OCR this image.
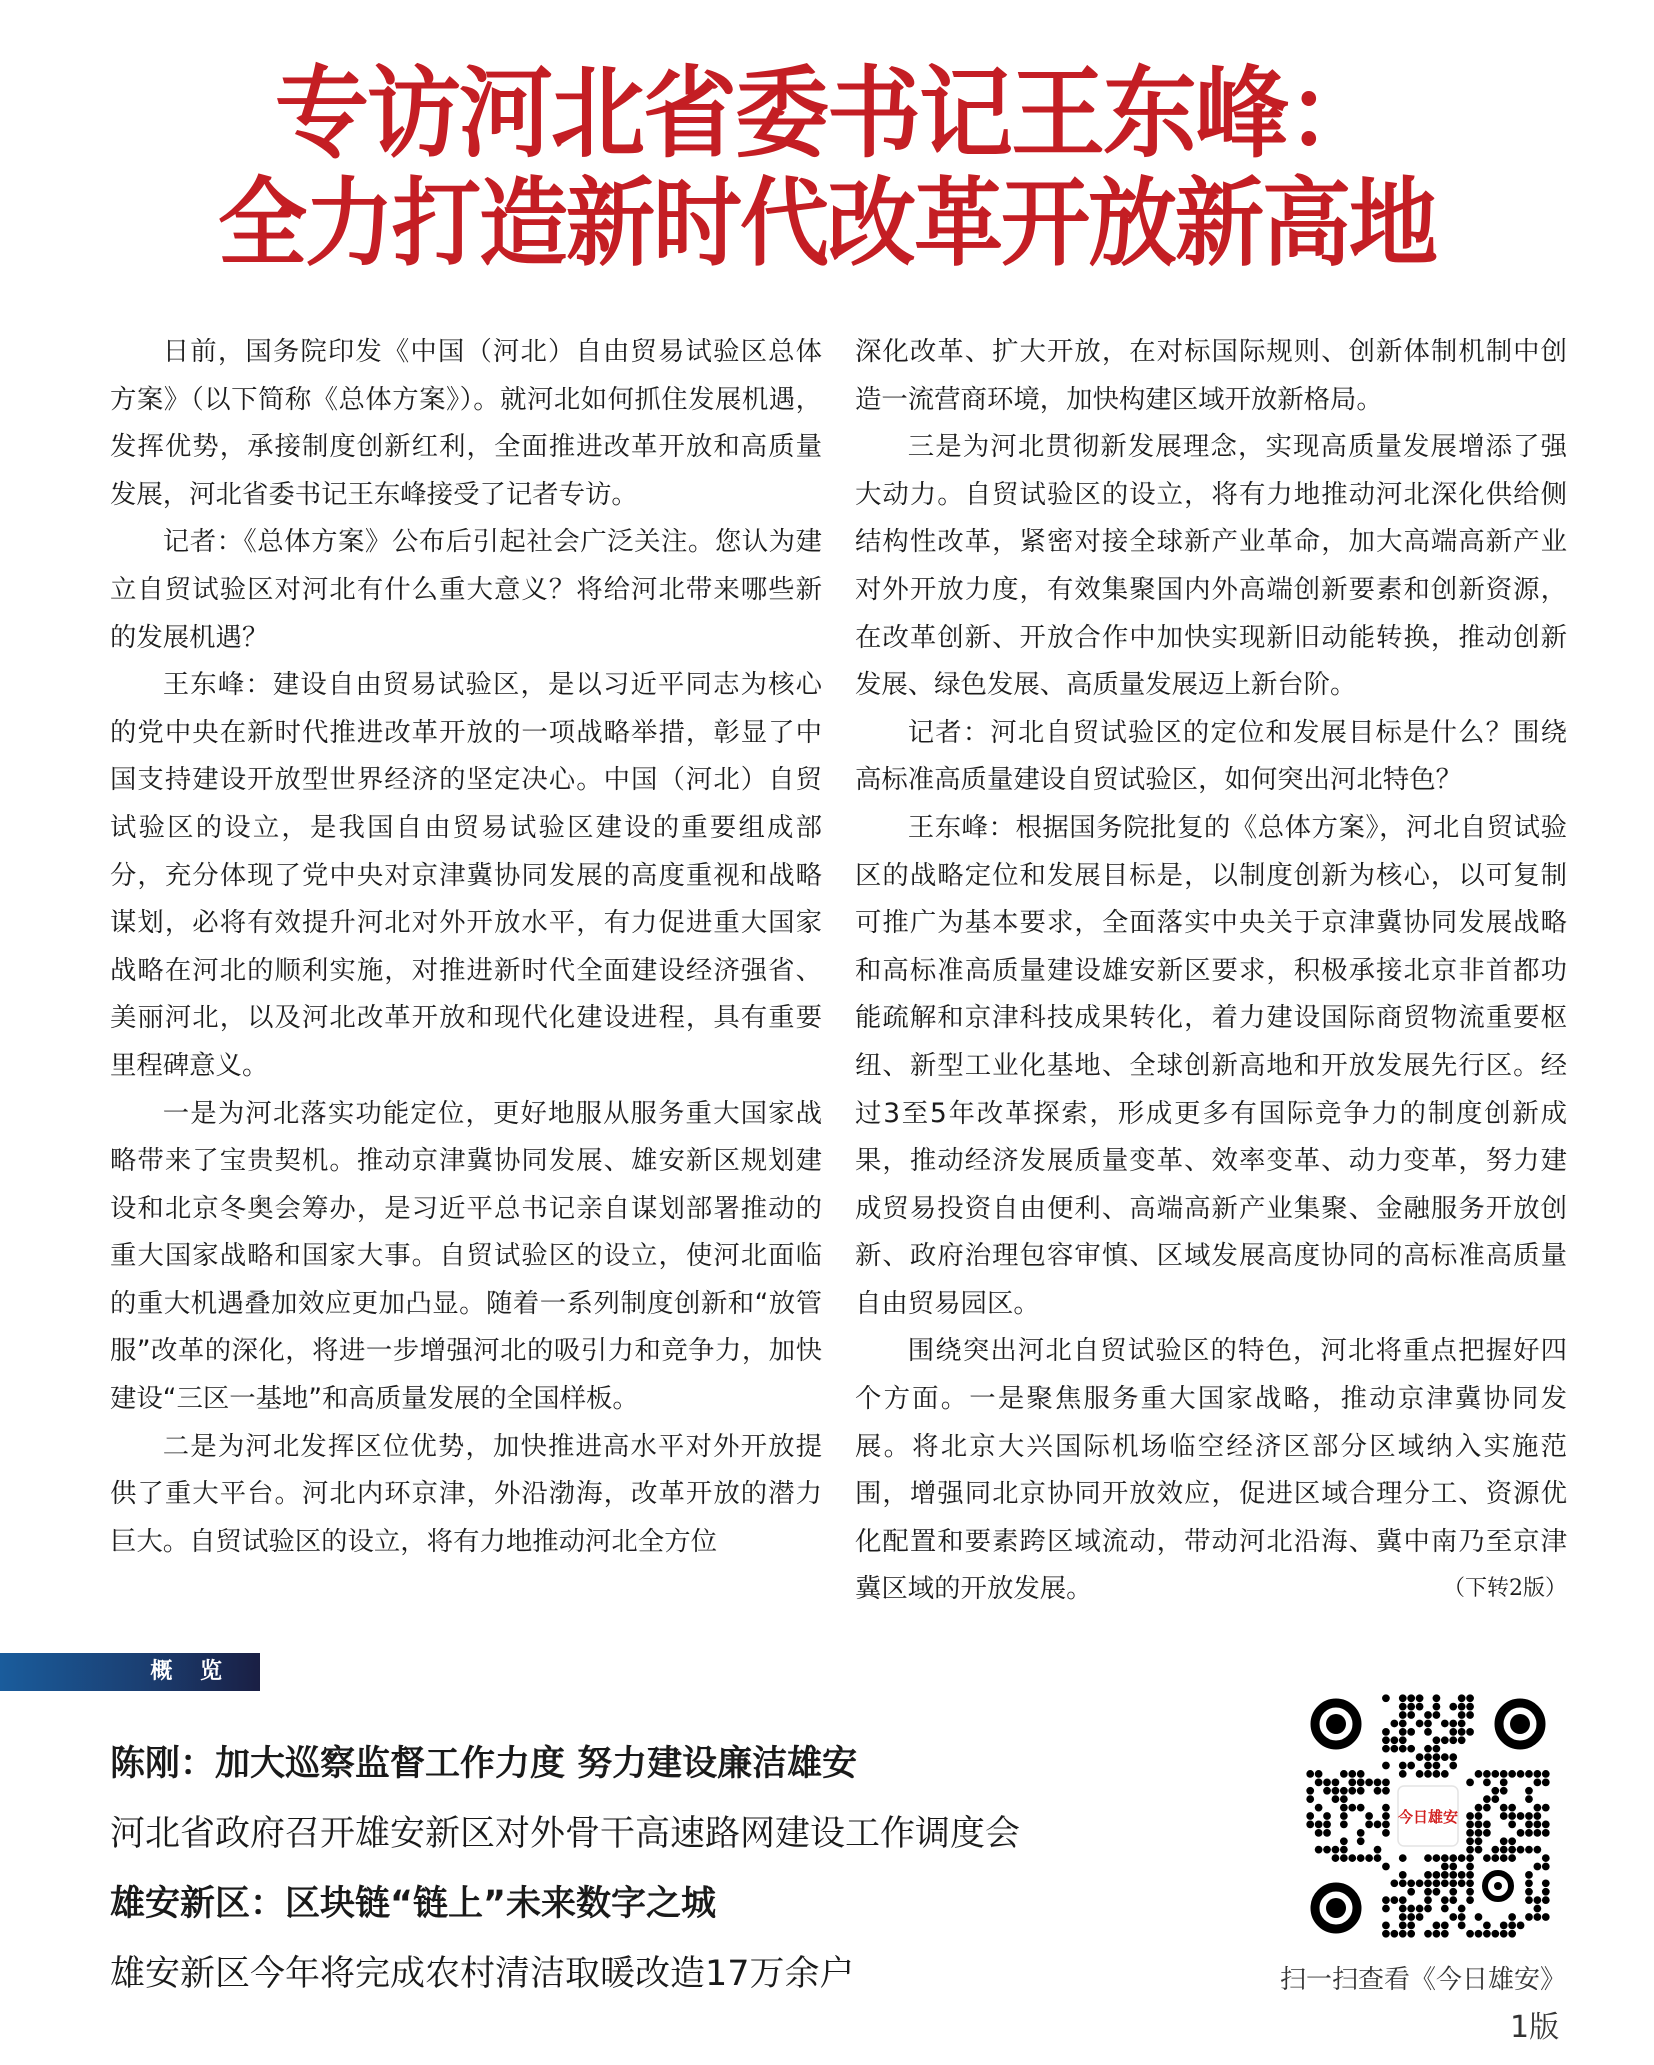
专访河北省委书记王东峰：
全力打造新时代改革开放新高地

日前，国务院印发《中国（河北）自由贸易试验区总体方案》（以下简称《总体方案》）。就河北如何抓住发展机遇，发挥优势，承接制度创新红利，全面推进改革开放和高质量发展，河北省委书记王东峰接受了记者专访。

记者：《总体方案》公布后引起社会广泛关注。您认为建立自贸试验区对河北有什么重大意义？将给河北带来哪些新的发展机遇？

王东峰：建设自由贸易试验区，是以习近平同志为核心的党中央在新时代推进改革开放的一项战略举措，彰显了中国支持建设开放型世界经济的坚定决心。中国（河北）自贸试验区的设立，是我国自由贸易试验区建设的重要组成部分，充分体现了党中央对京津冀协同发展的高度重视和战略谋划，必将有效提升河北对外开放水平，有力促进重大国家战略在河北的顺利实施，对推进新时代全面建设经济强省、美丽河北，以及河北改革开放和现代化建设进程，具有重要里程碑意义。

一是为河北落实功能定位，更好地服从服务重大国家战略带来了宝贵契机。推动京津冀协同发展、雄安新区规划建设和北京冬奥会筹办，是习近平总书记亲自谋划部署推动的重大国家战略和国家大事。自贸试验区的设立，使河北面临的重大机遇叠加效应更加凸显。随着一系列制度创新和“放管服”改革的深化，将进一步增强河北的吸引力和竞争力，加快建设“三区一基地”和高质量发展的全国样板。

二是为河北发挥区位优势，加快推进高水平对外开放提供了重大平台。河北内环京津，外沿渤海，改革开放的潜力巨大。自贸试验区的设立，将有力地推动河北全方位

深化改革、扩大开放，在对标国际规则、创新体制机制中创造一流营商环境，加快构建区域开放新格局。

三是为河北贯彻新发展理念，实现高质量发展增添了强大动力。自贸试验区的设立，将有力地推动河北深化供给侧结构性改革，紧密对接全球新产业革命，加大高端高新产业对外开放力度，有效集聚国内外高端创新要素和创新资源，在改革创新、开放合作中加快实现新旧动能转换，推动创新发展、绿色发展、高质量发展迈上新台阶。

记者：河北自贸试验区的定位和发展目标是什么？围绕高标准高质量建设自贸试验区，如何突出河北特色？

王东峰：根据国务院批复的《总体方案》，河北自贸试验区的战略定位和发展目标是，以制度创新为核心，以可复制可推广为基本要求，全面落实中央关于京津冀协同发展战略和高标准高质量建设雄安新区要求，积极承接北京非首都功能疏解和京津科技成果转化，着力建设国际商贸物流重要枢纽、新型工业化基地、全球创新高地和开放发展先行区。经过3至5年改革探索，形成更多有国际竞争力的制度创新成果，推动经济发展质量变革、效率变革、动力变革，努力建成贸易投资自由便利、高端高新产业集聚、金融服务开放创新、政府治理包容审慎、区域发展高度协同的高标准高质量自由贸易园区。

围绕突出河北自贸试验区的特色，河北将重点把握好四个方面。一是聚焦服务重大国家战略，推动京津冀协同发展。将北京大兴国际机场临空经济区部分区域纳入实施范围，增强同北京协同开放效应，促进区域合理分工、资源优化配置和要素跨区域流动，带动河北沿海、冀中南乃至京津冀区域的开放发展。	（下转2版）

概 览
陈刚：加大巡察监督工作力度 努力建设廉洁雄安
河北省政府召开雄安新区对外骨干高速路网建设工作调度会
雄安新区：区块链“链上”未来数字之城
雄安新区今年将完成农村清洁取暖改造17万余户
今日雄安
扫一扫查看《今日雄安》
1版
